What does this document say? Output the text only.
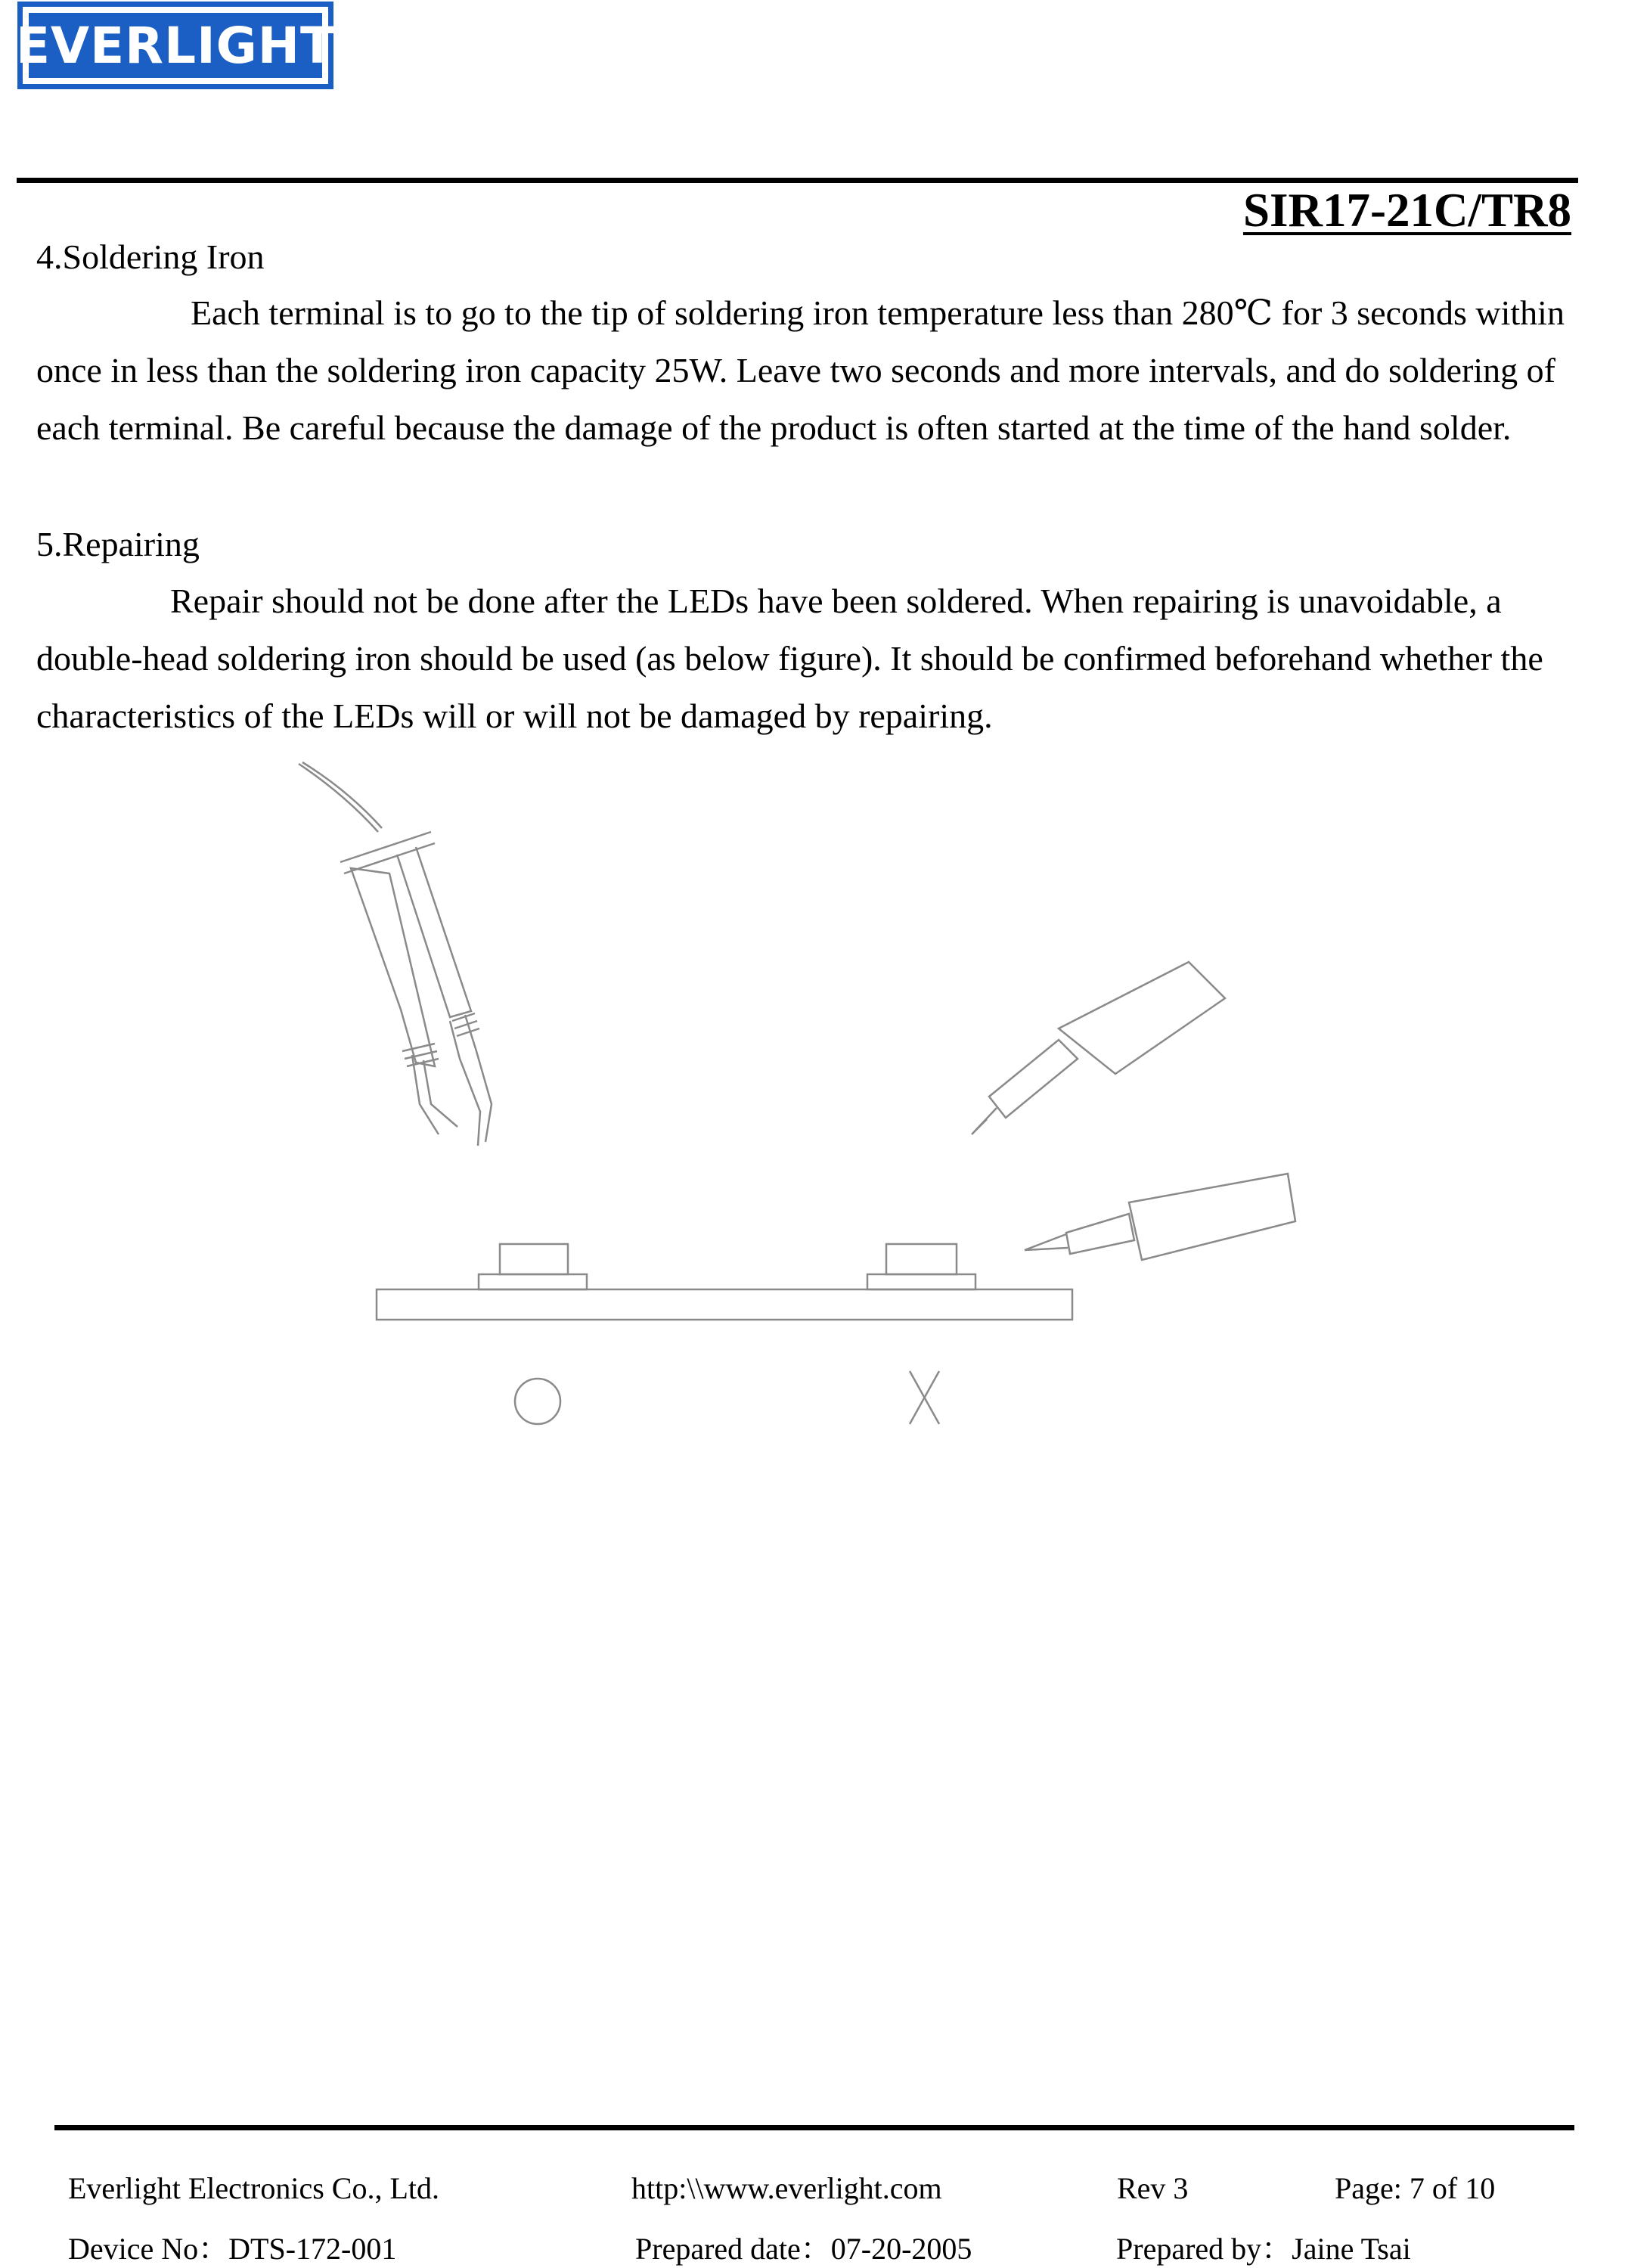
EVERLIGHT
SIR17-21C/TR8
4.Soldering Iron
Each terminal is to go to the tip of soldering iron temperature less than 280℃ for 3 seconds within once in less than the soldering iron capacity 25W. Leave two seconds and more intervals, and do soldering of each terminal. Be careful because the damage of the product is often started at the time of the hand solder.
5.Repairing
Repair should not be done after the LEDs have been soldered. When repairing is unavoidable, a double-head soldering iron should be used (as below figure). It should be confirmed beforehand whether the characteristics of the LEDs will or will not be damaged by repairing.
Everlight Electronics Co., Ltd.	http:\\www.everlight.com	Rev 3	Page: 7 of 10
Device No：DTS-172-001	Prepared date：07-20-2005	Prepared by：Jaine Tsai
